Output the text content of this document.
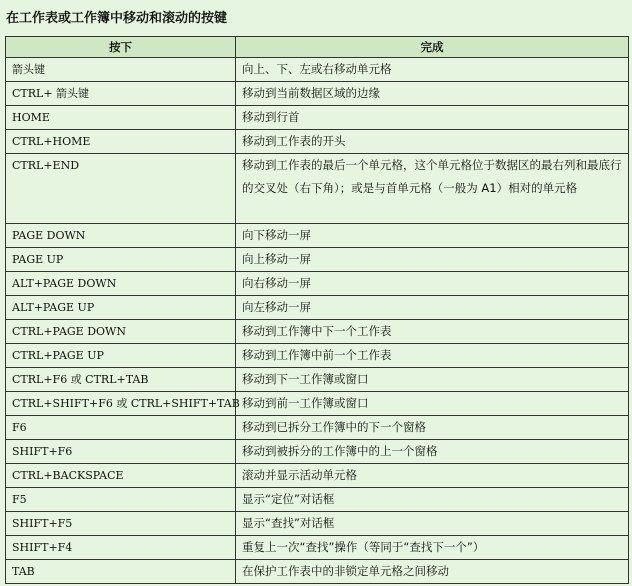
在工作表或工作簿中移动和滚动的按键
按下	完成
箭头键	向上、下、左或右移动单元格
CTRL+ 箭头键	移动到当前数据区域的边缘
HOME	移动到行首
CTRL+HOME	移动到工作表的开头
CTRL+END	移动到工作表的最后一个单元格，这个单元格位于数据区的最右列和最底行的交叉处（右下角）；或是与首单元格（一般为 A1）相对的单元格
PAGE DOWN	向下移动一屏
PAGE UP	向上移动一屏
ALT+PAGE DOWN	向右移动一屏
ALT+PAGE UP	向左移动一屏
CTRL+PAGE DOWN	移动到工作簿中下一个工作表
CTRL+PAGE UP	移动到工作簿中前一个工作表
CTRL+F6 或 CTRL+TAB	移动到下一工作簿或窗口
CTRL+SHIFT+F6 或 CTRL+SHIFT+TAB	移动到前一工作簿或窗口
F6	移动到已拆分工作簿中的下一个窗格
SHIFT+F6	移动到被拆分的工作簿中的上一个窗格
CTRL+BACKSPACE	滚动并显示活动单元格
F5	显示“定位”对话框
SHIFT+F5	显示“查找”对话框
SHIFT+F4	重复上一次“查找”操作（等同于“查找下一个”）
TAB	在保护工作表中的非锁定单元格之间移动
